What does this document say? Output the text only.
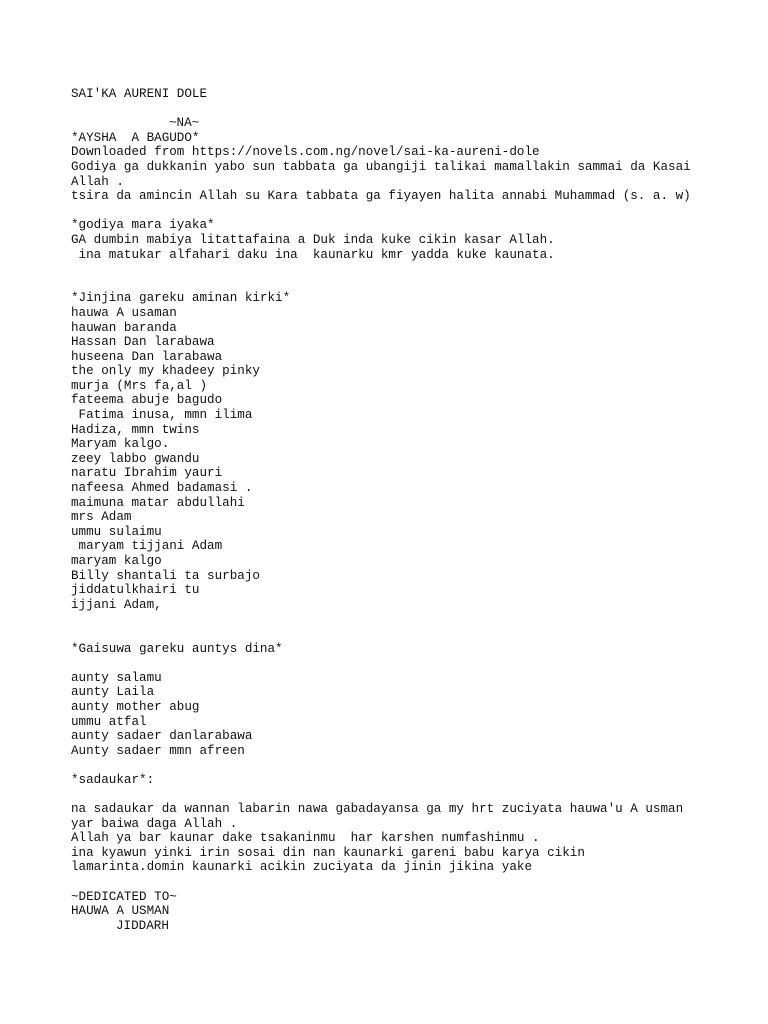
SAI'KA AURENI DOLE
~NA~
*AYSHA  A BAGUDO*
Downloaded from https://novels.com.ng/novel/sai-ka-aureni-dole
Godiya ga dukkanin yabo sun tabbata ga ubangiji talikai mamallakin sammai da Kasai
Allah .
tsira da amincin Allah su Kara tabbata ga fiyayen halita annabi Muhammad (s. a. w)
*godiya mara iyaka*
GA dumbin mabiya litattafaina a Duk inda kuke cikin kasar Allah.
ina matukar alfahari daku ina  kaunarku kmr yadda kuke kaunata.
*Jinjina gareku aminan kirki*
hauwa A usaman
hauwan baranda
Hassan Dan larabawa
huseena Dan larabawa
the only my khadeey pinky
murja (Mrs fa,al )
fateema abuje bagudo
Fatima inusa, mmn ilima
Hadiza, mmn twins
Maryam kalgo.
zeey labbo gwandu
naratu Ibrahim yauri
nafeesa Ahmed badamasi .
maimuna matar abdullahi
mrs Adam
ummu sulaimu
maryam tijjani Adam
maryam kalgo
Billy shantali ta surbajo
jiddatulkhairi tu
ijjani Adam,
*Gaisuwa gareku auntys dina*
aunty salamu
aunty Laila
aunty mother abug
ummu atfal
aunty sadaer danlarabawa
Aunty sadaer mmn afreen
*sadaukar*:
na sadaukar da wannan labarin nawa gabadayansa ga my hrt zuciyata hauwa'u A usman
yar baiwa daga Allah .
Allah ya bar kaunar dake tsakaninmu  har karshen numfashinmu .
ina kyawun yinki irin sosai din nan kaunarki gareni babu karya cikin
lamarinta.domin kaunarki acikin zuciyata da jinin jikina yake
~DEDICATED TO~
HAUWA A USMAN
JIDDARH
